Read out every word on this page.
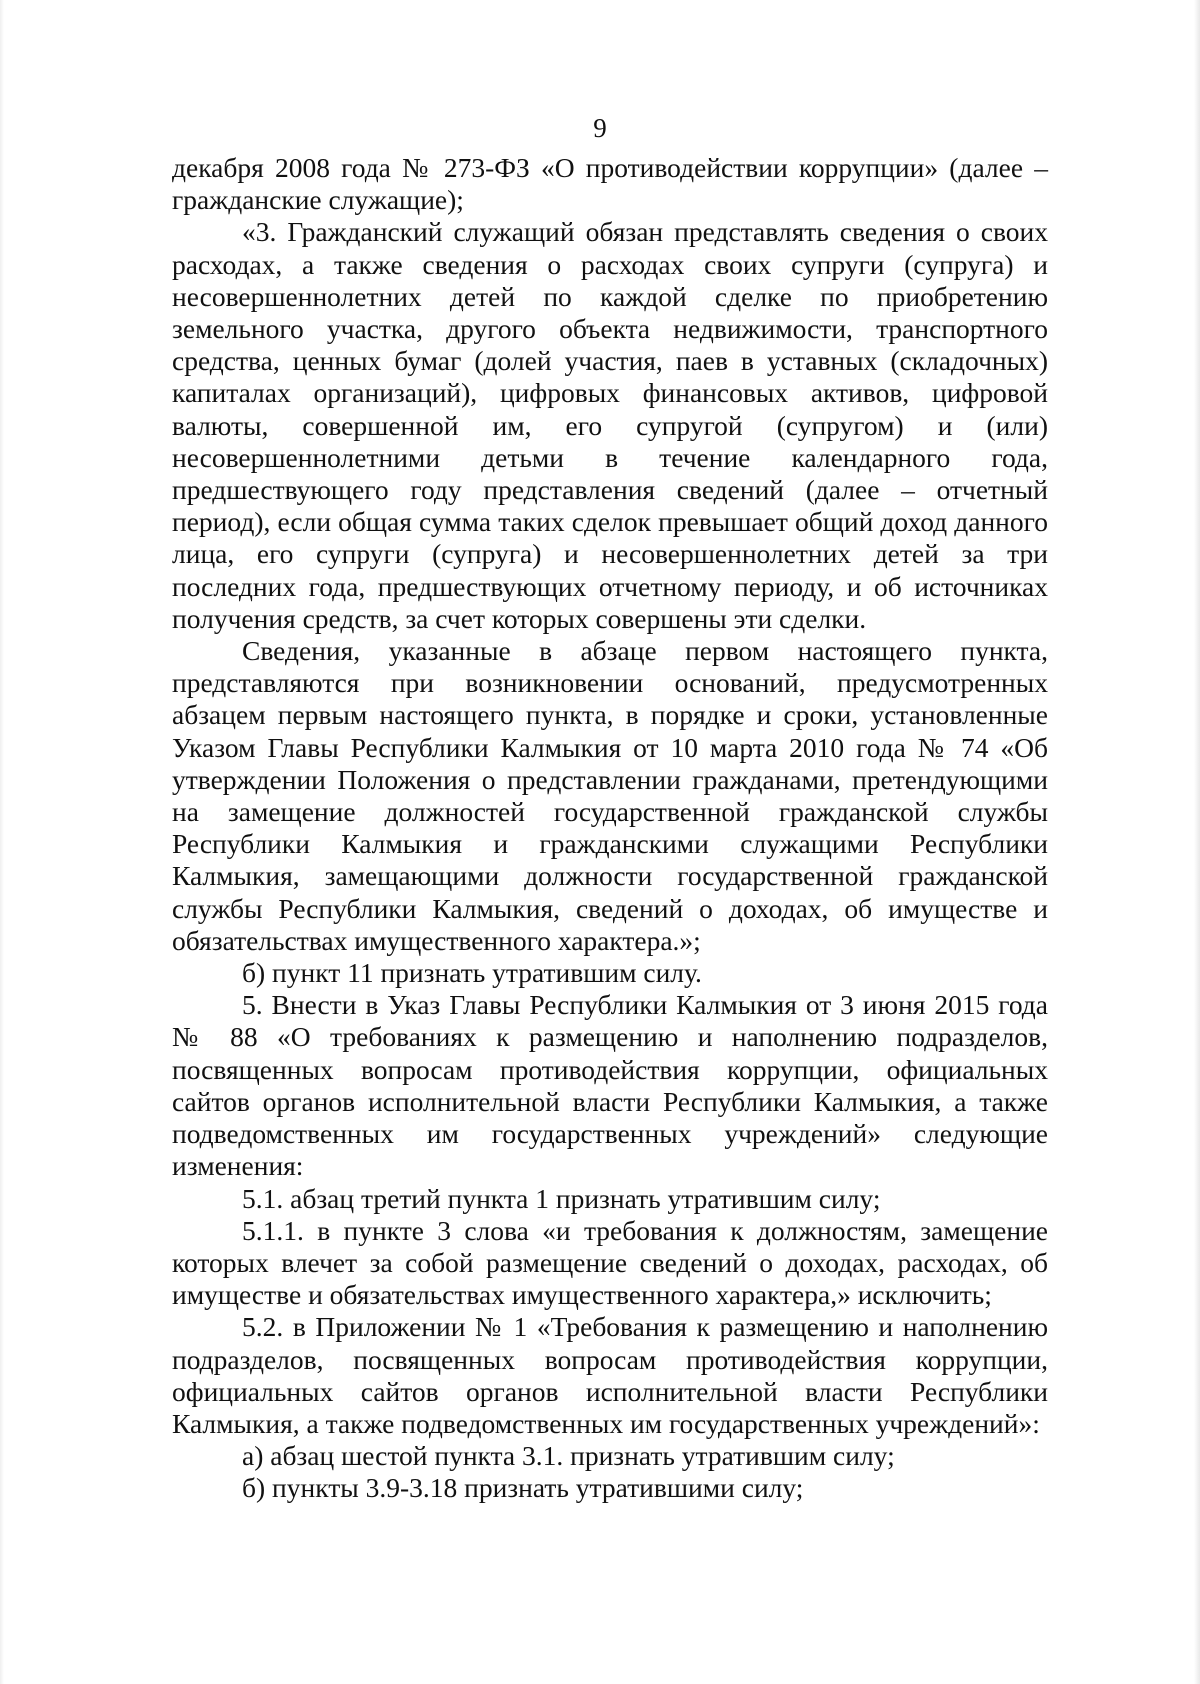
9

декабря 2008 года № 273-ФЗ «О противодействии коррупции» (далее – гражданские служащие);

«3. Гражданский служащий обязан представлять сведения о своих расходах, а также сведения о расходах своих супруги (супруга) и несовершеннолетних детей по каждой сделке по приобретению земельного участка, другого объекта недвижимости, транспортного средства, ценных бумаг (долей участия, паев в уставных (складочных) капиталах организаций), цифровых финансовых активов, цифровой валюты, совершенной им, его супругой (супругом) и (или) несовершеннолетними детьми в течение календарного года, предшествующего году представления сведений (далее – отчетный период), если общая сумма таких сделок превышает общий доход данного лица, его супруги (супруга) и несовершеннолетних детей за три последних года, предшествующих отчетному периоду, и об источниках получения средств, за счет которых совершены эти сделки.

Сведения, указанные в абзаце первом настоящего пункта, представляются при возникновении оснований, предусмотренных абзацем первым настоящего пункта, в порядке и сроки, установленные Указом Главы Республики Калмыкия от 10 марта 2010 года № 74 «Об утверждении Положения о представлении гражданами, претендующими на замещение должностей государственной гражданской службы Республики Калмыкия и гражданскими служащими Республики Калмыкия, замещающими должности государственной гражданской службы Республики Калмыкия, сведений о доходах, об имуществе и обязательствах имущественного характера.»;

б) пункт 11 признать утратившим силу.

5. Внести в Указ Главы Республики Калмыкия от 3 июня 2015 года № 88 «О требованиях к размещению и наполнению подразделов, посвященных вопросам противодействия коррупции, официальных сайтов органов исполнительной власти Республики Калмыкия, а также подведомственных им государственных учреждений» следующие изменения:

5.1. абзац третий пункта 1 признать утратившим силу;

5.1.1. в пункте 3 слова «и требования к должностям, замещение которых влечет за собой размещение сведений о доходах, расходах, об имуществе и обязательствах имущественного характера,» исключить;

5.2. в Приложении № 1 «Требования к размещению и наполнению подразделов, посвященных вопросам противодействия коррупции, официальных сайтов органов исполнительной власти Республики Калмыкия, а также подведомственных им государственных учреждений»:

а) абзац шестой пункта 3.1. признать утратившим силу;

б) пункты 3.9-3.18 признать утратившими силу;
